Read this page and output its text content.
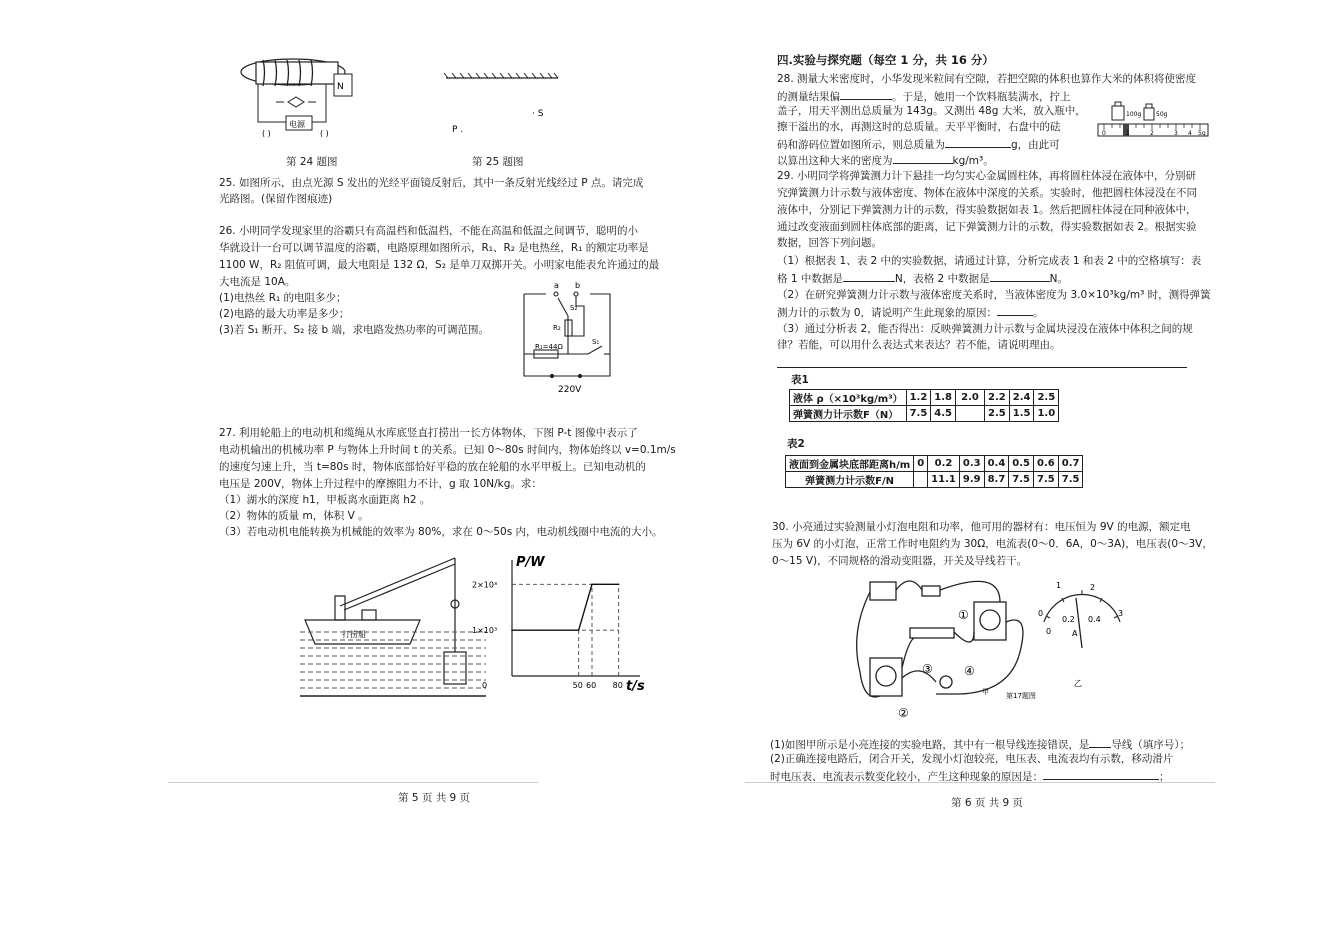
N
电源
( )	( )
· S
P .
第 24 题图	第 25 题图
25. 如图所示，由点光源 S 发出的光经平面镜反射后，其中一条反射光线经过 P 点。请完成
光路图。(保留作图痕迹)
26. 小明同学发现家里的浴霸只有高温档和低温档，不能在高温和低温之间调节，聪明的小
华就设计一台可以调节温度的浴霸，电路原理如图所示，R₁、R₂ 是电热丝，R₁ 的额定功率是
1100 W，R₂ 阻值可调，最大电阻是 132 Ω，S₂ 是单刀双掷开关。小明家电能表允许通过的最
大电流是 10A。
(1)电热丝 R₁ 的电阻多少；
(2)电路的最大功率是多少；
(3)若 S₁ 断开、S₂ 接 b 端，求电路发热功率的可调范围。
a b
S₂
R₂
R₁=44Ω
S₁
220V
27. 利用轮船上的电动机和缆绳从水库底竖直打捞出一长方体物体，下图 P-t 图像中表示了
电动机输出的机械功率 P 与物体上升时间 t 的关系。已知 0～80s 时间内，物体始终以 v=0.1m/s
的速度匀速上升，当 t=80s 时，物体底部恰好平稳的放在轮船的水平甲板上。已知电动机的
电压是 200V，物体上升过程中的摩擦阻力不计，g 取 10N/kg。求：
（1）湖水的深度 h1，甲板离水面距离 h2 。
（2）物体的质量 m，体积 V 。
（3）若电动机电能转换为机械能的效率为 80%，求在 0～50s 内，电动机线圈中电流的大小。
打捞船
P/W
t/s
1×10³
2×10³
0	50 60 80
第 5 页 共 9 页
四.实验与探究题（每空 1 分，共 16 分）
28. 测量大米密度时，小华发现米粒间有空隙，若把空隙的体积也算作大米的体积将使密度
的测量结果偏	。于是，她用一个饮料瓶装满水，拧上
盖子，用天平测出总质量为 143g。又测出 48g 大米，放入瓶中，
擦干溢出的水，再测这时的总质量。天平平衡时，右盘中的砝
码和游码位置如图所示，则总质量为	g，由此可
以算出这种大米的密度为	kg/m³。
100g 50g
0	1	2	3 4 5g
29. 小明同学将弹簧测力计下悬挂一均匀实心金属圆柱体，再将圆柱体浸在液体中，分别研
究弹簧测力计示数与液体密度、物体在液体中深度的关系。实验时，他把圆柱体浸没在不同
液体中，分别记下弹簧测力计的示数，得实验数据如表 1。然后把圆柱体浸在同种液体中，
通过改变液面到圆柱体底部的距离，记下弹簧测力计的示数，得实验数据如表 2。根据实验
数据，回答下列问题。
（1）根据表 1、表 2 中的实验数据，请通过计算，分析完成表 1 和表 2 中的空格填写：表
格 1 中数据是	N，表格 2 中数据是	N。
（2）在研究弹簧测力计示数与液体密度关系时，当液体密度为 3.0×10³kg/m³ 时，测得弹簧
测力计的示数为 0，请说明产生此现象的原因：	。
（3）通过分析表 2，能否得出：反映弹簧测力计示数与金属块浸没在液体中体积之间的规
律？若能，可以用什么表达式来表达？若不能，请说明理由。
表1
液体 ρ（×10³kg/m³）	1.2	1.8	2.0	2.2	2.4	2.5
弹簧测力计示数F（N）	7.5	4.5		2.5	1.5	1.0
表2
液面到金属块底部距离h/m	0	0.2	0.3	0.4	0.5	0.6	0.7
弹簧测力计示数F/N		11.1	9.9	8.7	7.5	7.5	7.5
30. 小亮通过实验测量小灯泡电阻和功率，他可用的器材有：电压恒为 9V 的电源，额定电
压为 6V 的小灯泡，正常工作时电阻约为 30Ω，电流表(0～0．6A，0～3A)，电压表(0～3V，
0～15 V)，不同规格的滑动变阻器，开关及导线若干。
①
②
③	④
甲 第17题图
0
1	2
3
0
0.2 0.4
A
乙
(1)如图甲所示是小亮连接的实验电路，其中有一根导线连接错误，是 导线（填序号）；
(2)正确连接电路后，闭合开关，发现小灯泡较亮，电压表、电流表均有示数，移动滑片
时电压表、电流表示数变化较小，产生这种现象的原因是：	；
第 6 页 共 9 页
